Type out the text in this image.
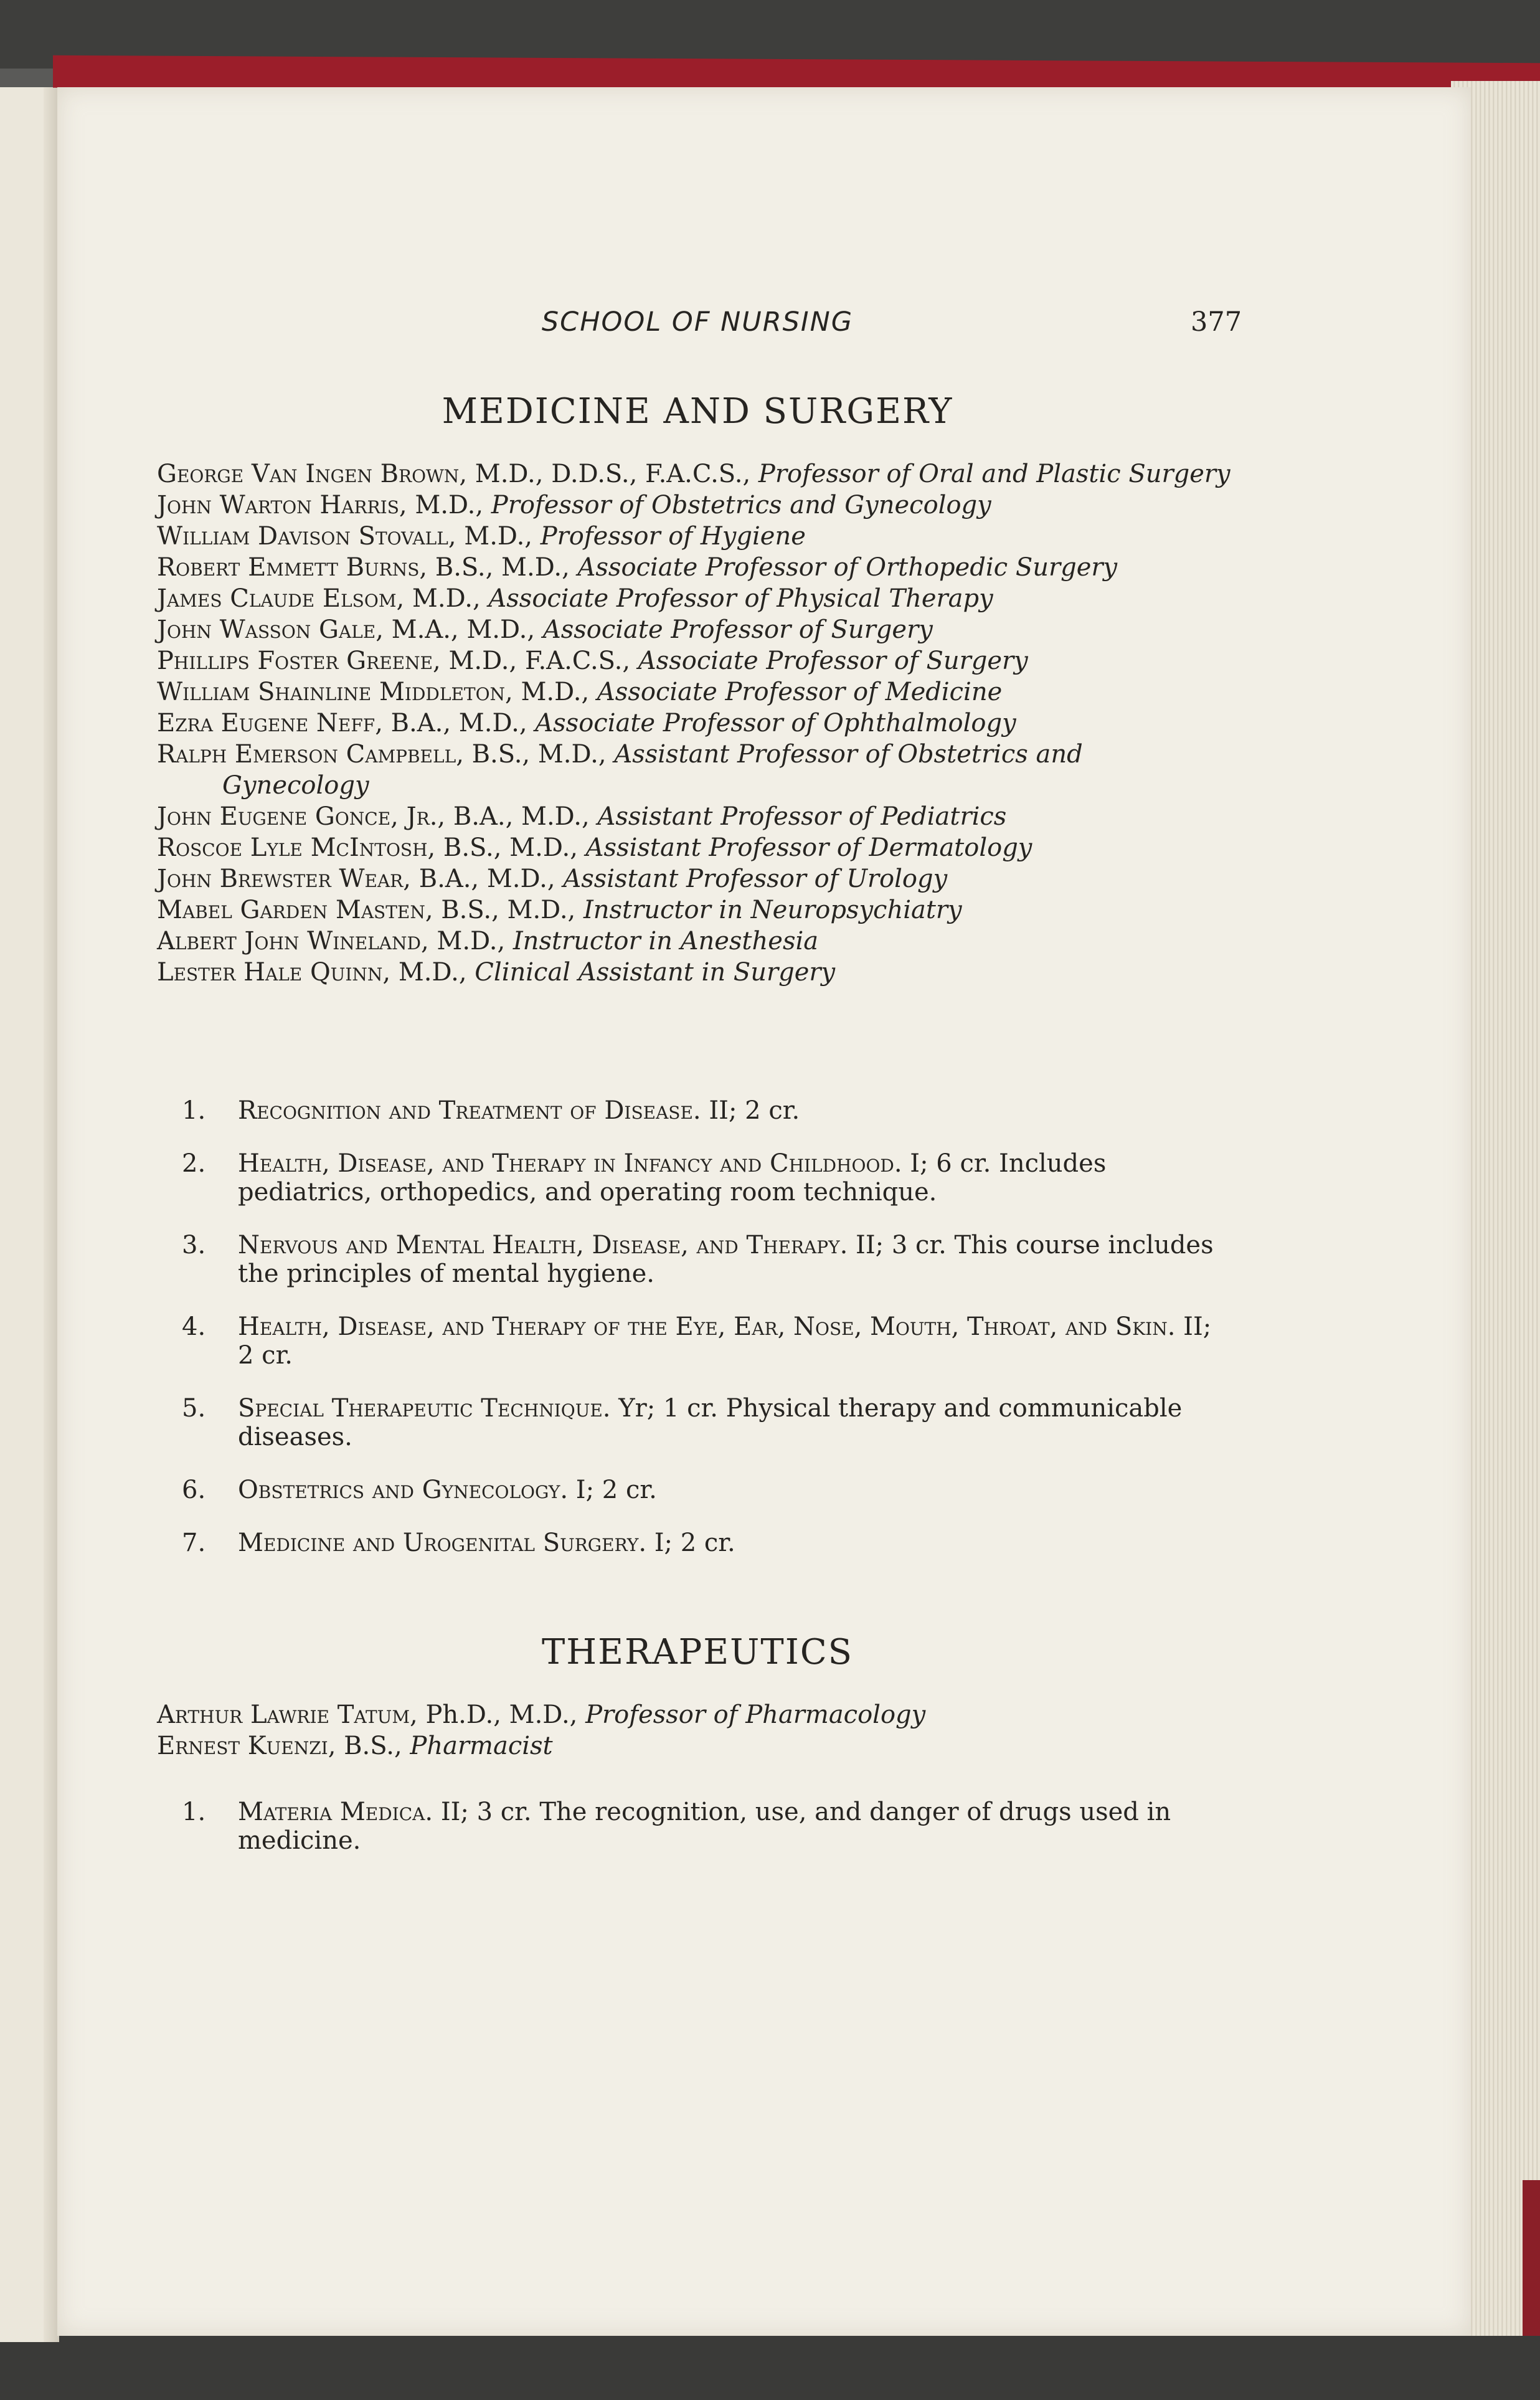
SCHOOL OF NURSING	377
MEDICINE AND SURGERY
George Van Ingen Brown, M.D., D.D.S., F.A.C.S., Professor of Oral and Plastic Surgery
John Warton Harris, M.D., Professor of Obstetrics and Gynecology
William Davison Stovall, M.D., Professor of Hygiene
Robert Emmett Burns, B.S., M.D., Associate Professor of Orthopedic Surgery
James Claude Elsom, M.D., Associate Professor of Physical Therapy
John Wasson Gale, M.A., M.D., Associate Professor of Surgery
Phillips Foster Greene, M.D., F.A.C.S., Associate Professor of Surgery
William Shainline Middleton, M.D., Associate Professor of Medicine
Ezra Eugene Neff, B.A., M.D., Associate Professor of Ophthalmology
Ralph Emerson Campbell, B.S., M.D., Assistant Professor of Obstetrics and Gynecology
John Eugene Gonce, Jr., B.A., M.D., Assistant Professor of Pediatrics
Roscoe Lyle McIntosh, B.S., M.D., Assistant Professor of Dermatology
John Brewster Wear, B.A., M.D., Assistant Professor of Urology
Mabel Garden Masten, B.S., M.D., Instructor in Neuropsychiatry
Albert John Wineland, M.D., Instructor in Anesthesia
Lester Hale Quinn, M.D., Clinical Assistant in Surgery
1. Recognition and Treatment of Disease. II; 2 cr.
2. Health, Disease, and Therapy in Infancy and Childhood. I; 6 cr. Includes pediatrics, orthopedics, and operating room technique.
3. Nervous and Mental Health, Disease, and Therapy. II; 3 cr. This course includes the principles of mental hygiene.
4. Health, Disease, and Therapy of the Eye, Ear, Nose, Mouth, Throat, and Skin. II; 2 cr.
5. Special Therapeutic Technique. Yr; 1 cr. Physical therapy and communicable diseases.
6. Obstetrics and Gynecology. I; 2 cr.
7. Medicine and Urogenital Surgery. I; 2 cr.
THERAPEUTICS
Arthur Lawrie Tatum, Ph.D., M.D., Professor of Pharmacology
Ernest Kuenzi, B.S., Pharmacist
1. Materia Medica. II; 3 cr. The recognition, use, and danger of drugs used in medicine.
